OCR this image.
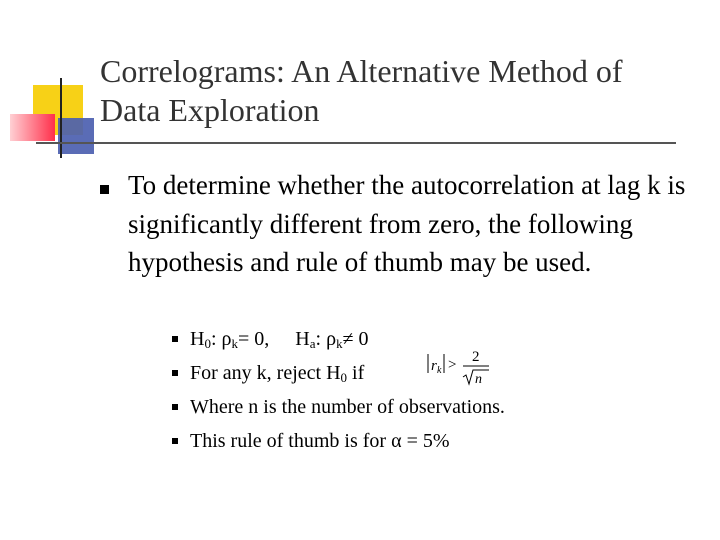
Correlograms: An Alternative Method of
Data Exploration
To determine whether the autocorrelation at lag k is significantly different from zero, the following hypothesis and rule of thumb may be used.
$H_0$: $\rho_k= 0$, $H_a$: $\rho_k\ne 0$
For any k, reject $H_0$ if
Where n is the number of observations.
This rule of thumb is for α = 5%
r k > 2
n
